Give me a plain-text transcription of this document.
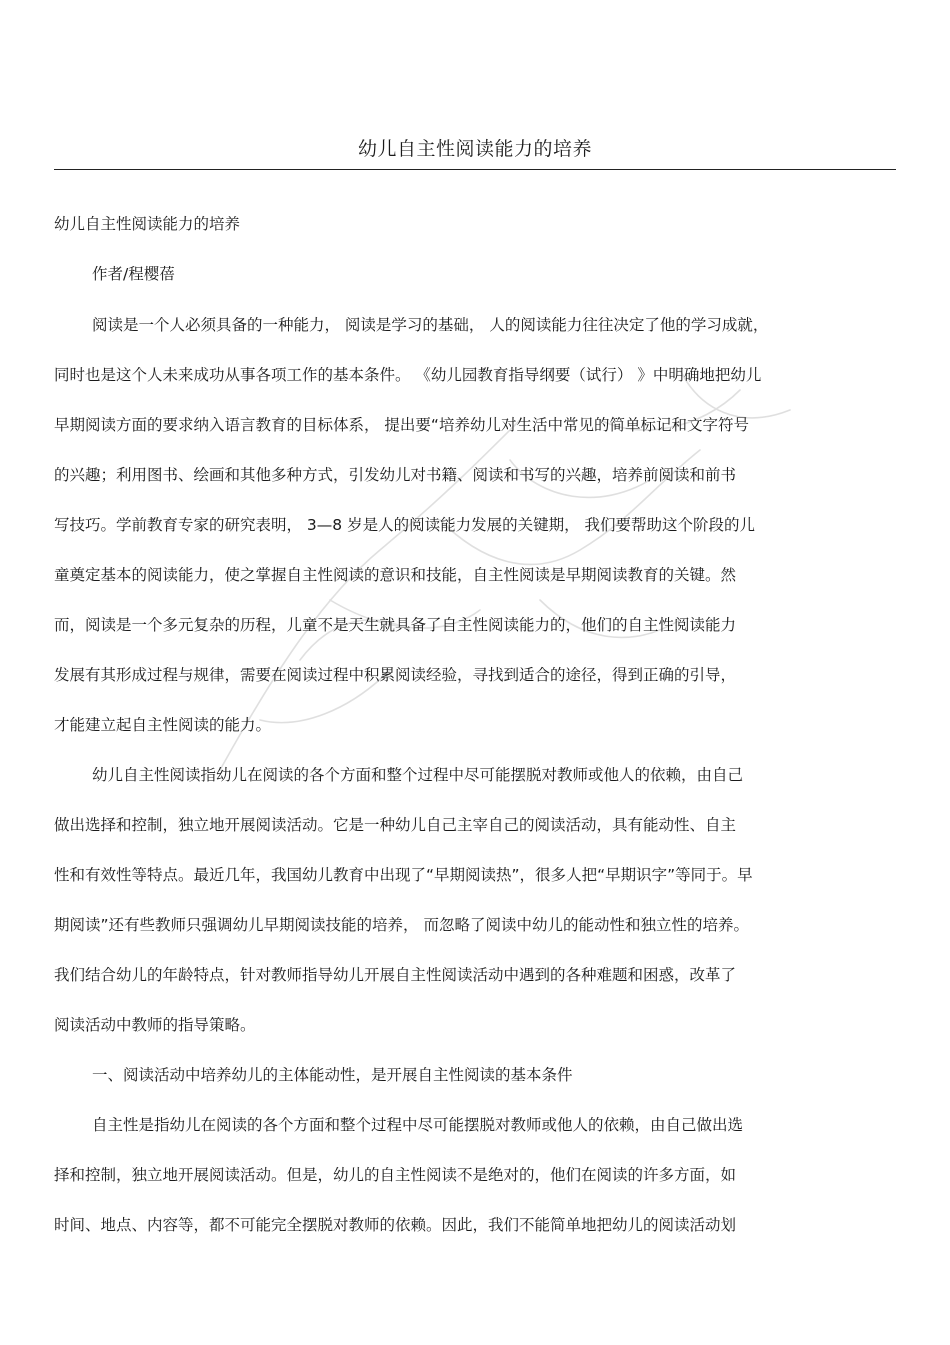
幼儿自主性阅读能力的培养
幼儿自主性阅读能力的培养
作者/程樱蓓
阅读是一个人必须具备的一种能力， 阅读是学习的基础， 人的阅读能力往往决定了他的学习成就，
同时也是这个人未来成功从事各项工作的基本条件。 《幼儿园教育指导纲要（试行） 》中明确地把幼儿
早期阅读方面的要求纳入语言教育的目标体系， 提出要“培养幼儿对生活中常见的简单标记和文字符号
的兴趣；利用图书、绘画和其他多种方式，引发幼儿对书籍、阅读和书写的兴趣，培养前阅读和前书
写技巧。学前教育专家的研究表明， 3—8 岁是人的阅读能力发展的关键期， 我们要帮助这个阶段的儿
童奠定基本的阅读能力，使之掌握自主性阅读的意识和技能，自主性阅读是早期阅读教育的关键。然
而，阅读是一个多元复杂的历程，儿童不是天生就具备了自主性阅读能力的，他们的自主性阅读能力
发展有其形成过程与规律，需要在阅读过程中积累阅读经验，寻找到适合的途径，得到正确的引导，
才能建立起自主性阅读的能力。
幼儿自主性阅读指幼儿在阅读的各个方面和整个过程中尽可能摆脱对教师或他人的依赖，由自己
做出选择和控制，独立地开展阅读活动。它是一种幼儿自己主宰自己的阅读活动，具有能动性、自主
性和有效性等特点。最近几年，我国幼儿教育中出现了“早期阅读热”，很多人把“早期识字”等同于。早
期阅读”还有些教师只强调幼儿早期阅读技能的培养， 而忽略了阅读中幼儿的能动性和独立性的培养。
我们结合幼儿的年龄特点，针对教师指导幼儿开展自主性阅读活动中遇到的各种难题和困惑，改革了
阅读活动中教师的指导策略。
一、阅读活动中培养幼儿的主体能动性，是开展自主性阅读的基本条件
自主性是指幼儿在阅读的各个方面和整个过程中尽可能摆脱对教师或他人的依赖，由自己做出选
择和控制，独立地开展阅读活动。但是，幼儿的自主性阅读不是绝对的，他们在阅读的许多方面，如
时间、地点、内容等，都不可能完全摆脱对教师的依赖。因此，我们不能简单地把幼儿的阅读活动划
